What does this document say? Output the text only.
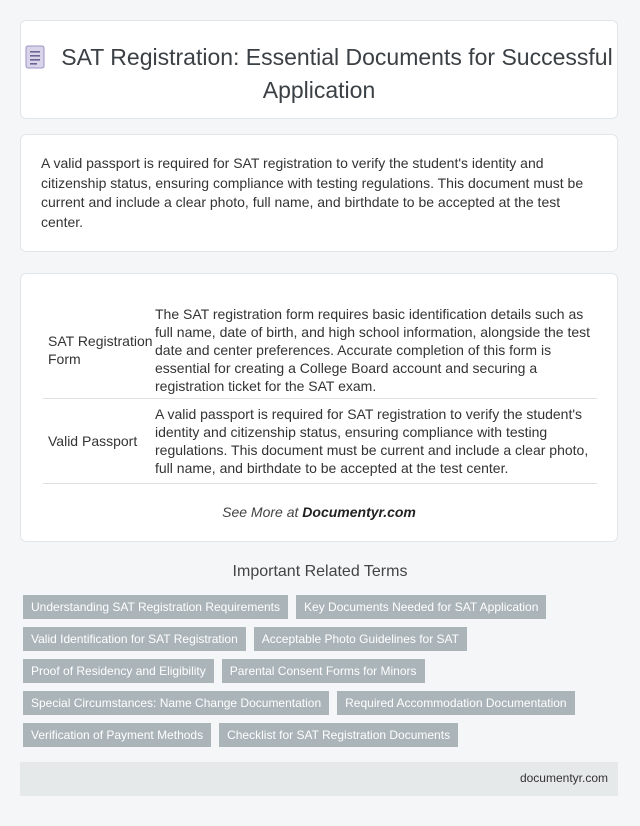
SAT Registration: Essential Documents for Successful Application
A valid passport is required for SAT registration to verify the student's identity and citizenship status, ensuring compliance with testing regulations. This document must be current and include a clear photo, full name, and birthdate to be accepted at the test center.
SAT Registration Form	The SAT registration form requires basic identification details such as full name, date of birth, and high school information, alongside the test date and center preferences. Accurate completion of this form is essential for creating a College Board account and securing a registration ticket for the SAT exam.
Valid Passport	A valid passport is required for SAT registration to verify the student's identity and citizenship status, ensuring compliance with testing regulations. This document must be current and include a clear photo, full name, and birthdate to be accepted at the test center.
See More at Documentyr.com
Important Related Terms
Understanding SAT Registration Requirements	Key Documents Needed for SAT Application
Valid Identification for SAT Registration	Acceptable Photo Guidelines for SAT
Proof of Residency and Eligibility	Parental Consent Forms for Minors
Special Circumstances: Name Change Documentation	Required Accommodation Documentation
Verification of Payment Methods	Checklist for SAT Registration Documents
documentyr.com
